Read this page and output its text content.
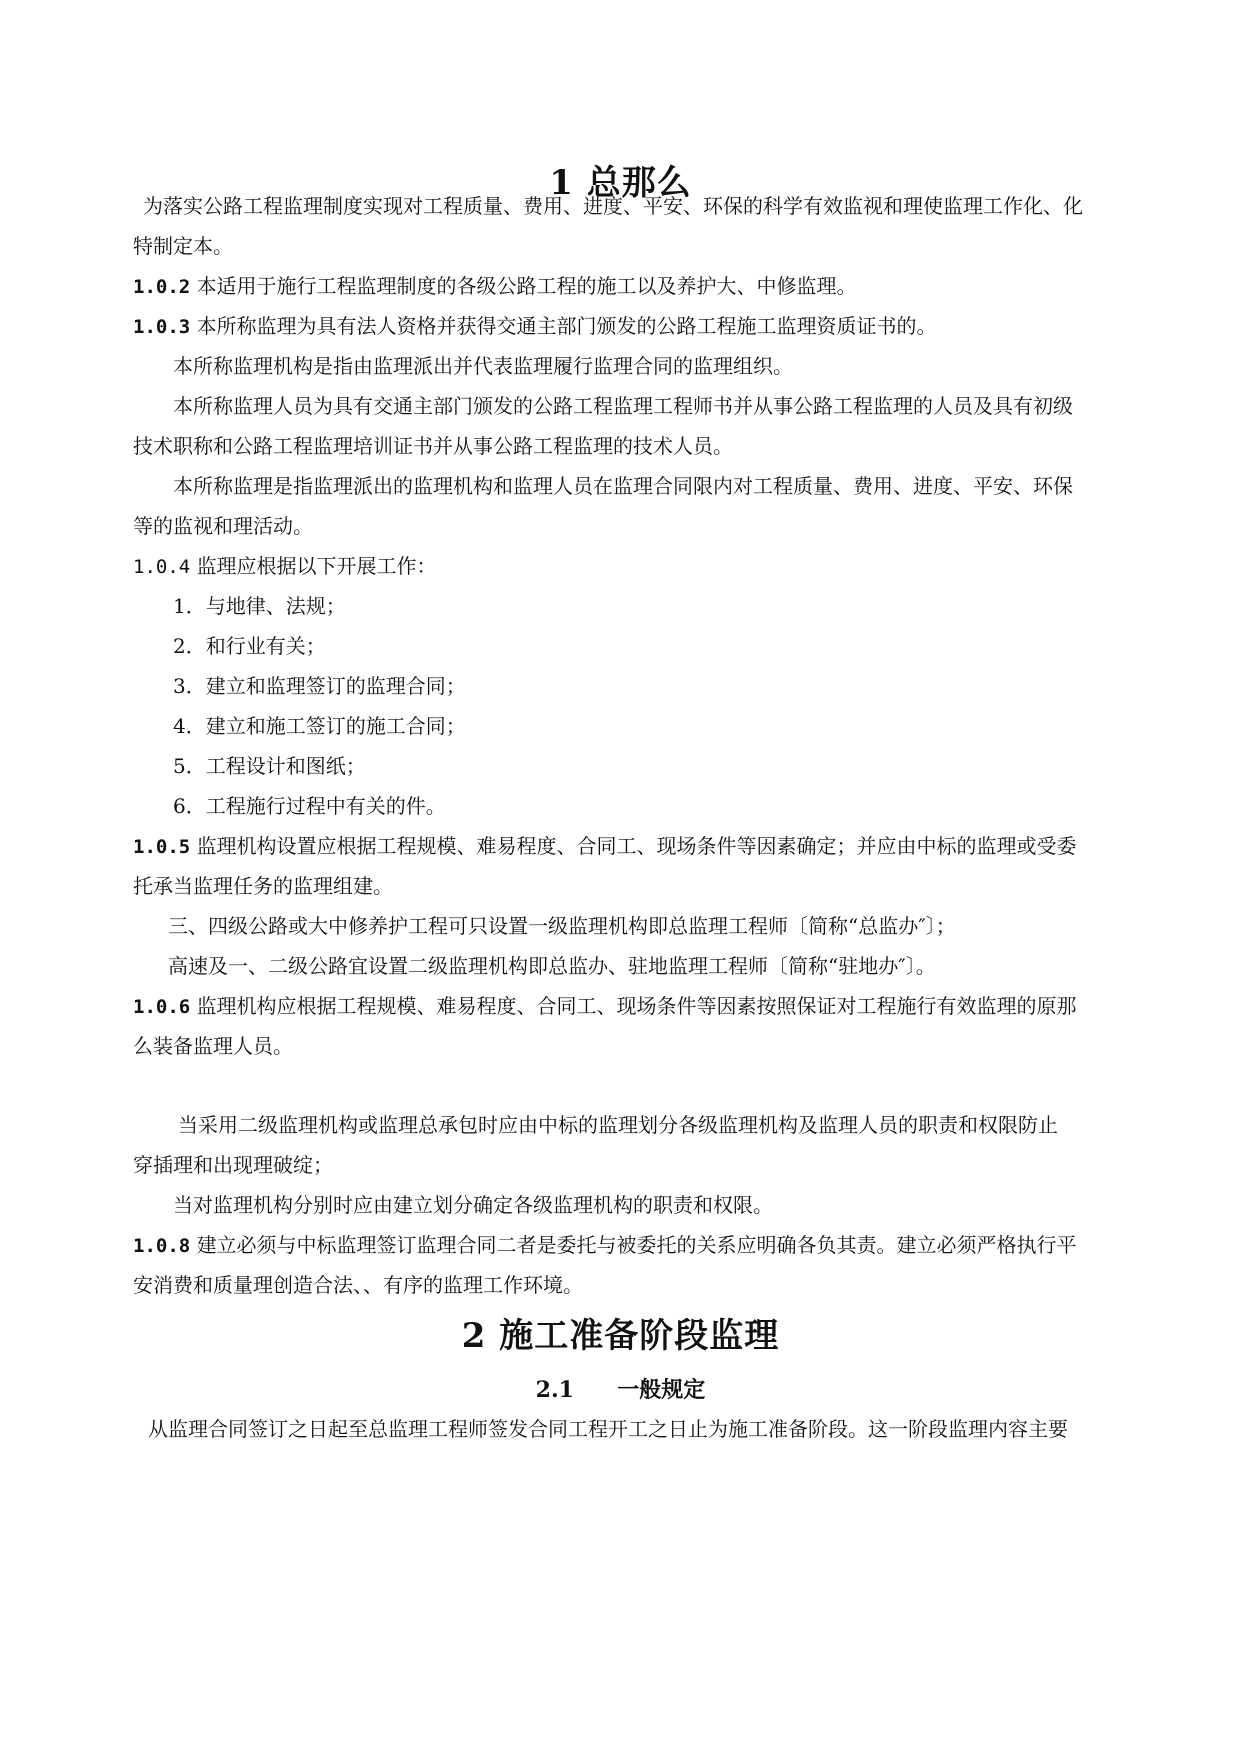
1 总那么
为落实公路工程监理制度实现对工程质量、费用、进度、平安、环保的科学有效监视和理使监理工作化、化
特制定本。
1.0.2 本适用于施行工程监理制度的各级公路工程的施工以及养护大、中修监理。
1.0.3 本所称监理为具有法人资格并获得交通主部门颁发的公路工程施工监理资质证书的。
本所称监理机构是指由监理派出并代表监理履行监理合同的监理组织。
本所称监理人员为具有交通主部门颁发的公路工程监理工程师书并从事公路工程监理的人员及具有初级
技术职称和公路工程监理培训证书并从事公路工程监理的技术人员。
本所称监理是指监理派出的监理机构和监理人员在监理合同限内对工程质量、费用、进度、平安、环保
等的监视和理活动。
1.0.4 监理应根据以下开展工作：
1．与地律、法规；
2．和行业有关；
3．建立和监理签订的监理合同；
4．建立和施工签订的施工合同；
5．工程设计和图纸；
6．工程施行过程中有关的件。
1.0.5 监理机构设置应根据工程规模、难易程度、合同工、现场条件等因素确定；并应由中标的监理或受委
托承当监理任务的监理组建。
三、四级公路或大中修养护工程可只设置一级监理机构即总监理工程师〔简称“总监办″〕；
高速及一、二级公路宜设置二级监理机构即总监办、驻地监理工程师〔简称“驻地办″〕。
1.0.6 监理机构应根据工程规模、难易程度、合同工、现场条件等因素按照保证对工程施行有效监理的原那
么装备监理人员。
当采用二级监理机构或监理总承包时应由中标的监理划分各级监理机构及监理人员的职责和权限防止
穿插理和出现理破绽；
当对监理机构分别时应由建立划分确定各级监理机构的职责和权限。
1.0.8 建立必须与中标监理签订监理合同二者是委托与被委托的关系应明确各负其责。建立必须严格执行平
安消费和质量理创造合法、、有序的监理工作环境。
2 施工准备阶段监理
2.1 一般规定
从监理合同签订之日起至总监理工程师签发合同工程开工之日止为施工准备阶段。这一阶段监理内容主要
